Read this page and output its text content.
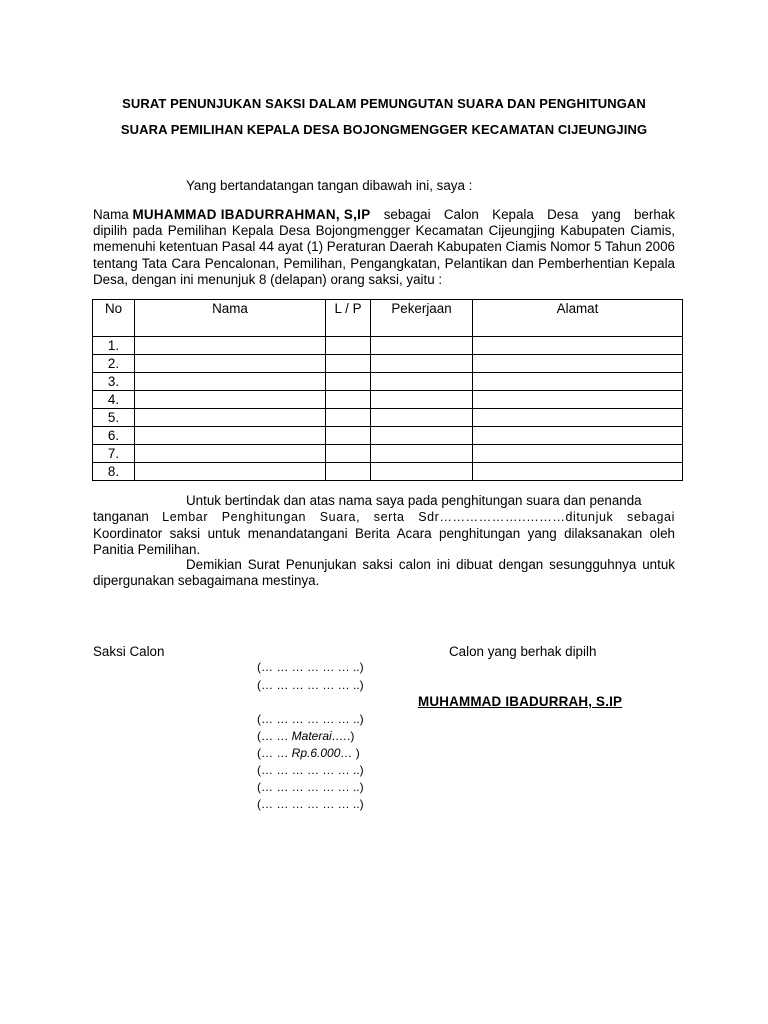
SURAT PENUNJUKAN SAKSI DALAM PEMUNGUTAN SUARA DAN PENGHITUNGAN
SUARA PEMILIHAN KEPALA DESA BOJONGMENGGER KECAMATAN CIJEUNGJING
Yang bertandatangan tangan dibawah ini, saya :
Nama MUHAMMAD IBADURRAHMAN, S,IP sebagai Calon Kepala Desa yang berhak
dipilih pada Pemilihan Kepala Desa Bojongmengger Kecamatan Cijeungjing Kabupaten Ciamis, memenuhi ketentuan Pasal 44 ayat (1) Peraturan Daerah Kabupaten Ciamis Nomor 5 Tahun 2006 tentang Tata Cara Pencalonan, Pemilihan, Pengangkatan, Pelantikan dan Pemberhentian Kepala Desa, dengan ini menunjuk 8 (delapan) orang saksi, yaitu :
No	Nama	L / P	Pekerjaan	Alamat
1.				
2.				
3.				
4.				
5.				
6.				
7.				
8.				
Untuk bertindak dan atas nama saya pada penghitungan suara dan penanda
tanganan Lembar Penghitungan Suara, serta Sdr………………..………ditunjuk sebagai
Koordinator saksi untuk menandatangani Berita Acara penghitungan yang dilaksanakan oleh Panitia Pemilihan.
Demikian Surat Penunjukan saksi calon ini dibuat dengan sesungguhnya untuk dipergunakan sebagaimana mestinya.
Saksi Calon	Calon yang berhak dipilh
MUHAMMAD IBADURRAH, S.IP
(… … … … … … ..)
(… … … … … … ..)
(… … … … … … ..)
(… … Materai…..)
(… … Rp.6.000… )
(… … … … … … ..)
(… … … … … … ..)
(… … … … … … ..)
